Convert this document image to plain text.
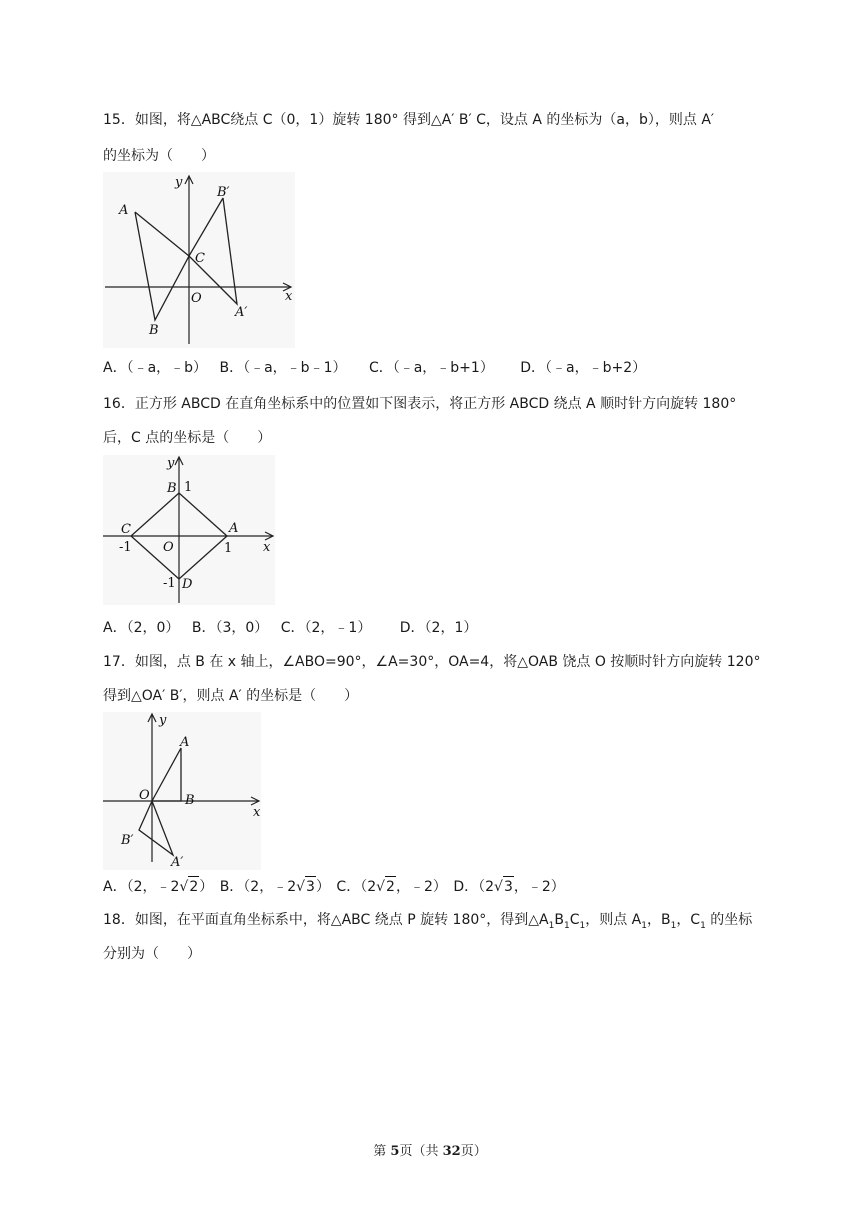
15．如图，将△ABC绕点 C（0，1）旋转 180° 得到△A′ B′ C，设点 A 的坐标为（a，b），则点 A′
的坐标为（　　）
y
x
A
B
C
O
A′
B′
A．（﹣a，﹣b） B．（﹣a，﹣b﹣1） C．（﹣a，﹣b+1） D．（﹣a，﹣b+2）
16．正方形 ABCD 在直角坐标系中的位置如下图表示，将正方形 ABCD 绕点 A 顺时针方向旋转 180°
后，C 点的坐标是（　　）
y
x
B 1
C
-1 O
A
1
-1 D
A．（2，0） B．（3，0） C．（2，﹣1） D．（2，1）
17．如图，点 B 在 x 轴上，∠ABO=90°，∠A=30°，OA=4，将△OAB 饶点 O 按顺时针方向旋转 120°
得到△OA′ B′，则点 A′ 的坐标是（　　）
y
x
A
O	B
B′
A′
A．（2，﹣2√2） B．（2，﹣2√3） C．（2√2，﹣2） D．（2√3，﹣2）
18．如图，在平面直角坐标系中，将△ABC 绕点 P 旋转 180°，得到$\triangle A_1B_1C_1$，则点 $A_1$，$B_1$，$C_1$ 的坐标
分别为（　　）
第 5页（共 32页）
